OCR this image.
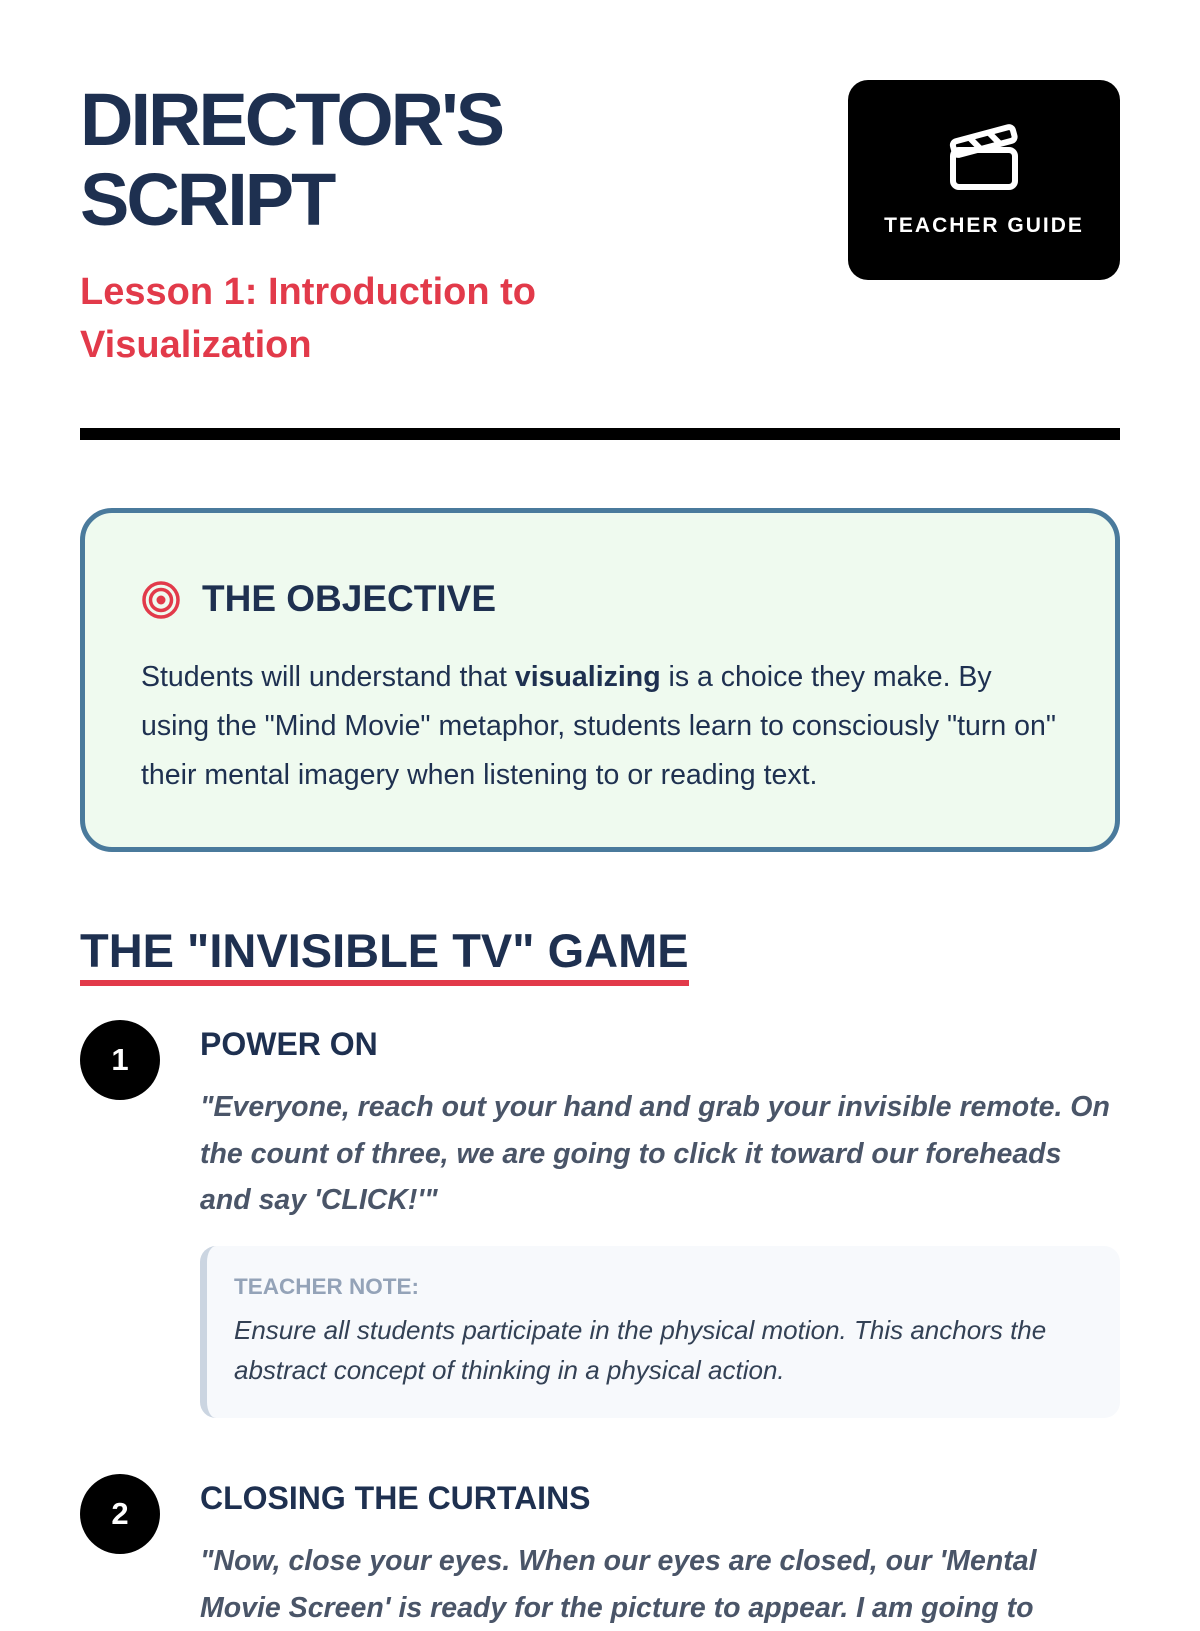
DIRECTOR'S
SCRIPT

Lesson 1: Introduction to Visualization

TEACHER GUIDE
THE OBJECTIVE

Students will understand that visualizing is a choice they make. By using the "Mind Movie" metaphor, students learn to consciously "turn on" their mental imagery when listening to or reading text.

THE "INVISIBLE TV" GAME
1	POWER ON

"Everyone, reach out your hand and grab your invisible remote. On the count of three, we are going to click it toward our foreheads and say 'CLICK!'"

TEACHER NOTE:

Ensure all students participate in the physical motion. This anchors the abstract concept of thinking in a physical action.

2	CLOSING THE CURTAINS

"Now, close your eyes. When our eyes are closed, our 'Mental Movie Screen' is ready for the picture to appear. I am going to
